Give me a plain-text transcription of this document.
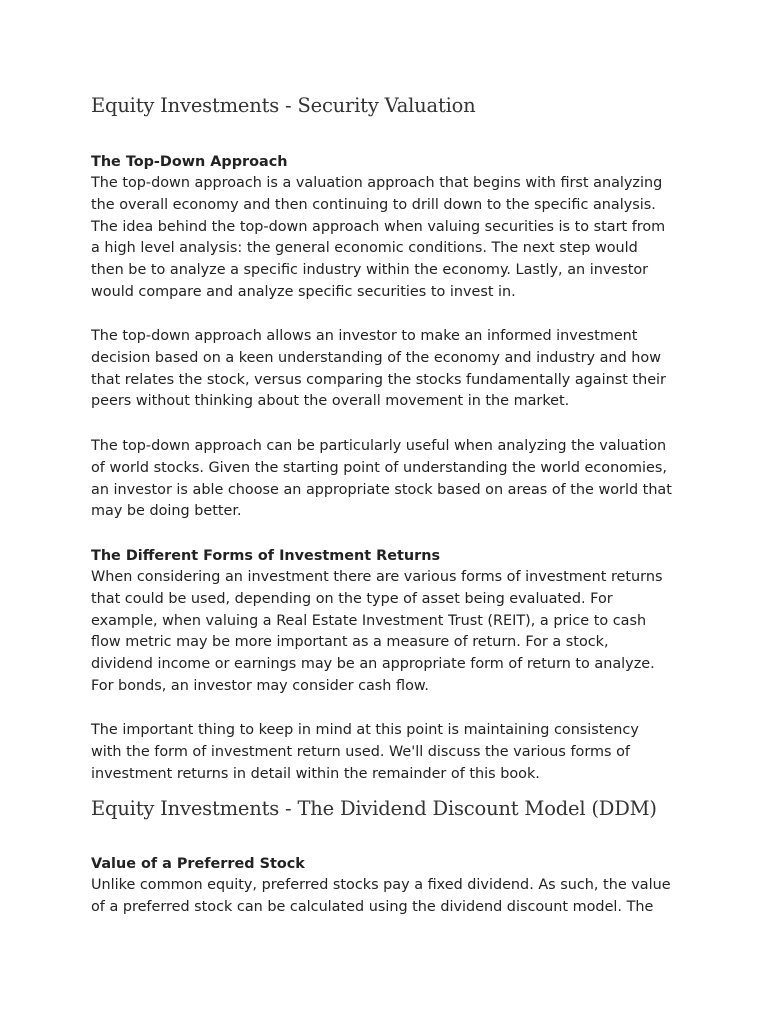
Equity Investments - Security Valuation
The Top-Down Approach
The top-down approach is a valuation approach that begins with first analyzing
the overall economy and then continuing to drill down to the specific analysis.
The idea behind the top-down approach when valuing securities is to start from
a high level analysis: the general economic conditions. The next step would
then be to analyze a specific industry within the economy. Lastly, an investor
would compare and analyze specific securities to invest in.
The top-down approach allows an investor to make an informed investment
decision based on a keen understanding of the economy and industry and how
that relates the stock, versus comparing the stocks fundamentally against their
peers without thinking about the overall movement in the market.
The top-down approach can be particularly useful when analyzing the valuation
of world stocks. Given the starting point of understanding the world economies,
an investor is able choose an appropriate stock based on areas of the world that
may be doing better.
The Different Forms of Investment Returns
When considering an investment there are various forms of investment returns
that could be used, depending on the type of asset being evaluated. For
example, when valuing a Real Estate Investment Trust (REIT), a price to cash
flow metric may be more important as a measure of return. For a stock,
dividend income or earnings may be an appropriate form of return to analyze.
For bonds, an investor may consider cash flow.
The important thing to keep in mind at this point is maintaining consistency
with the form of investment return used. We'll discuss the various forms of
investment returns in detail within the remainder of this book.
Equity Investments - The Dividend Discount Model (DDM)
Value of a Preferred Stock
Unlike common equity, preferred stocks pay a fixed dividend. As such, the value
of a preferred stock can be calculated using the dividend discount model. The
